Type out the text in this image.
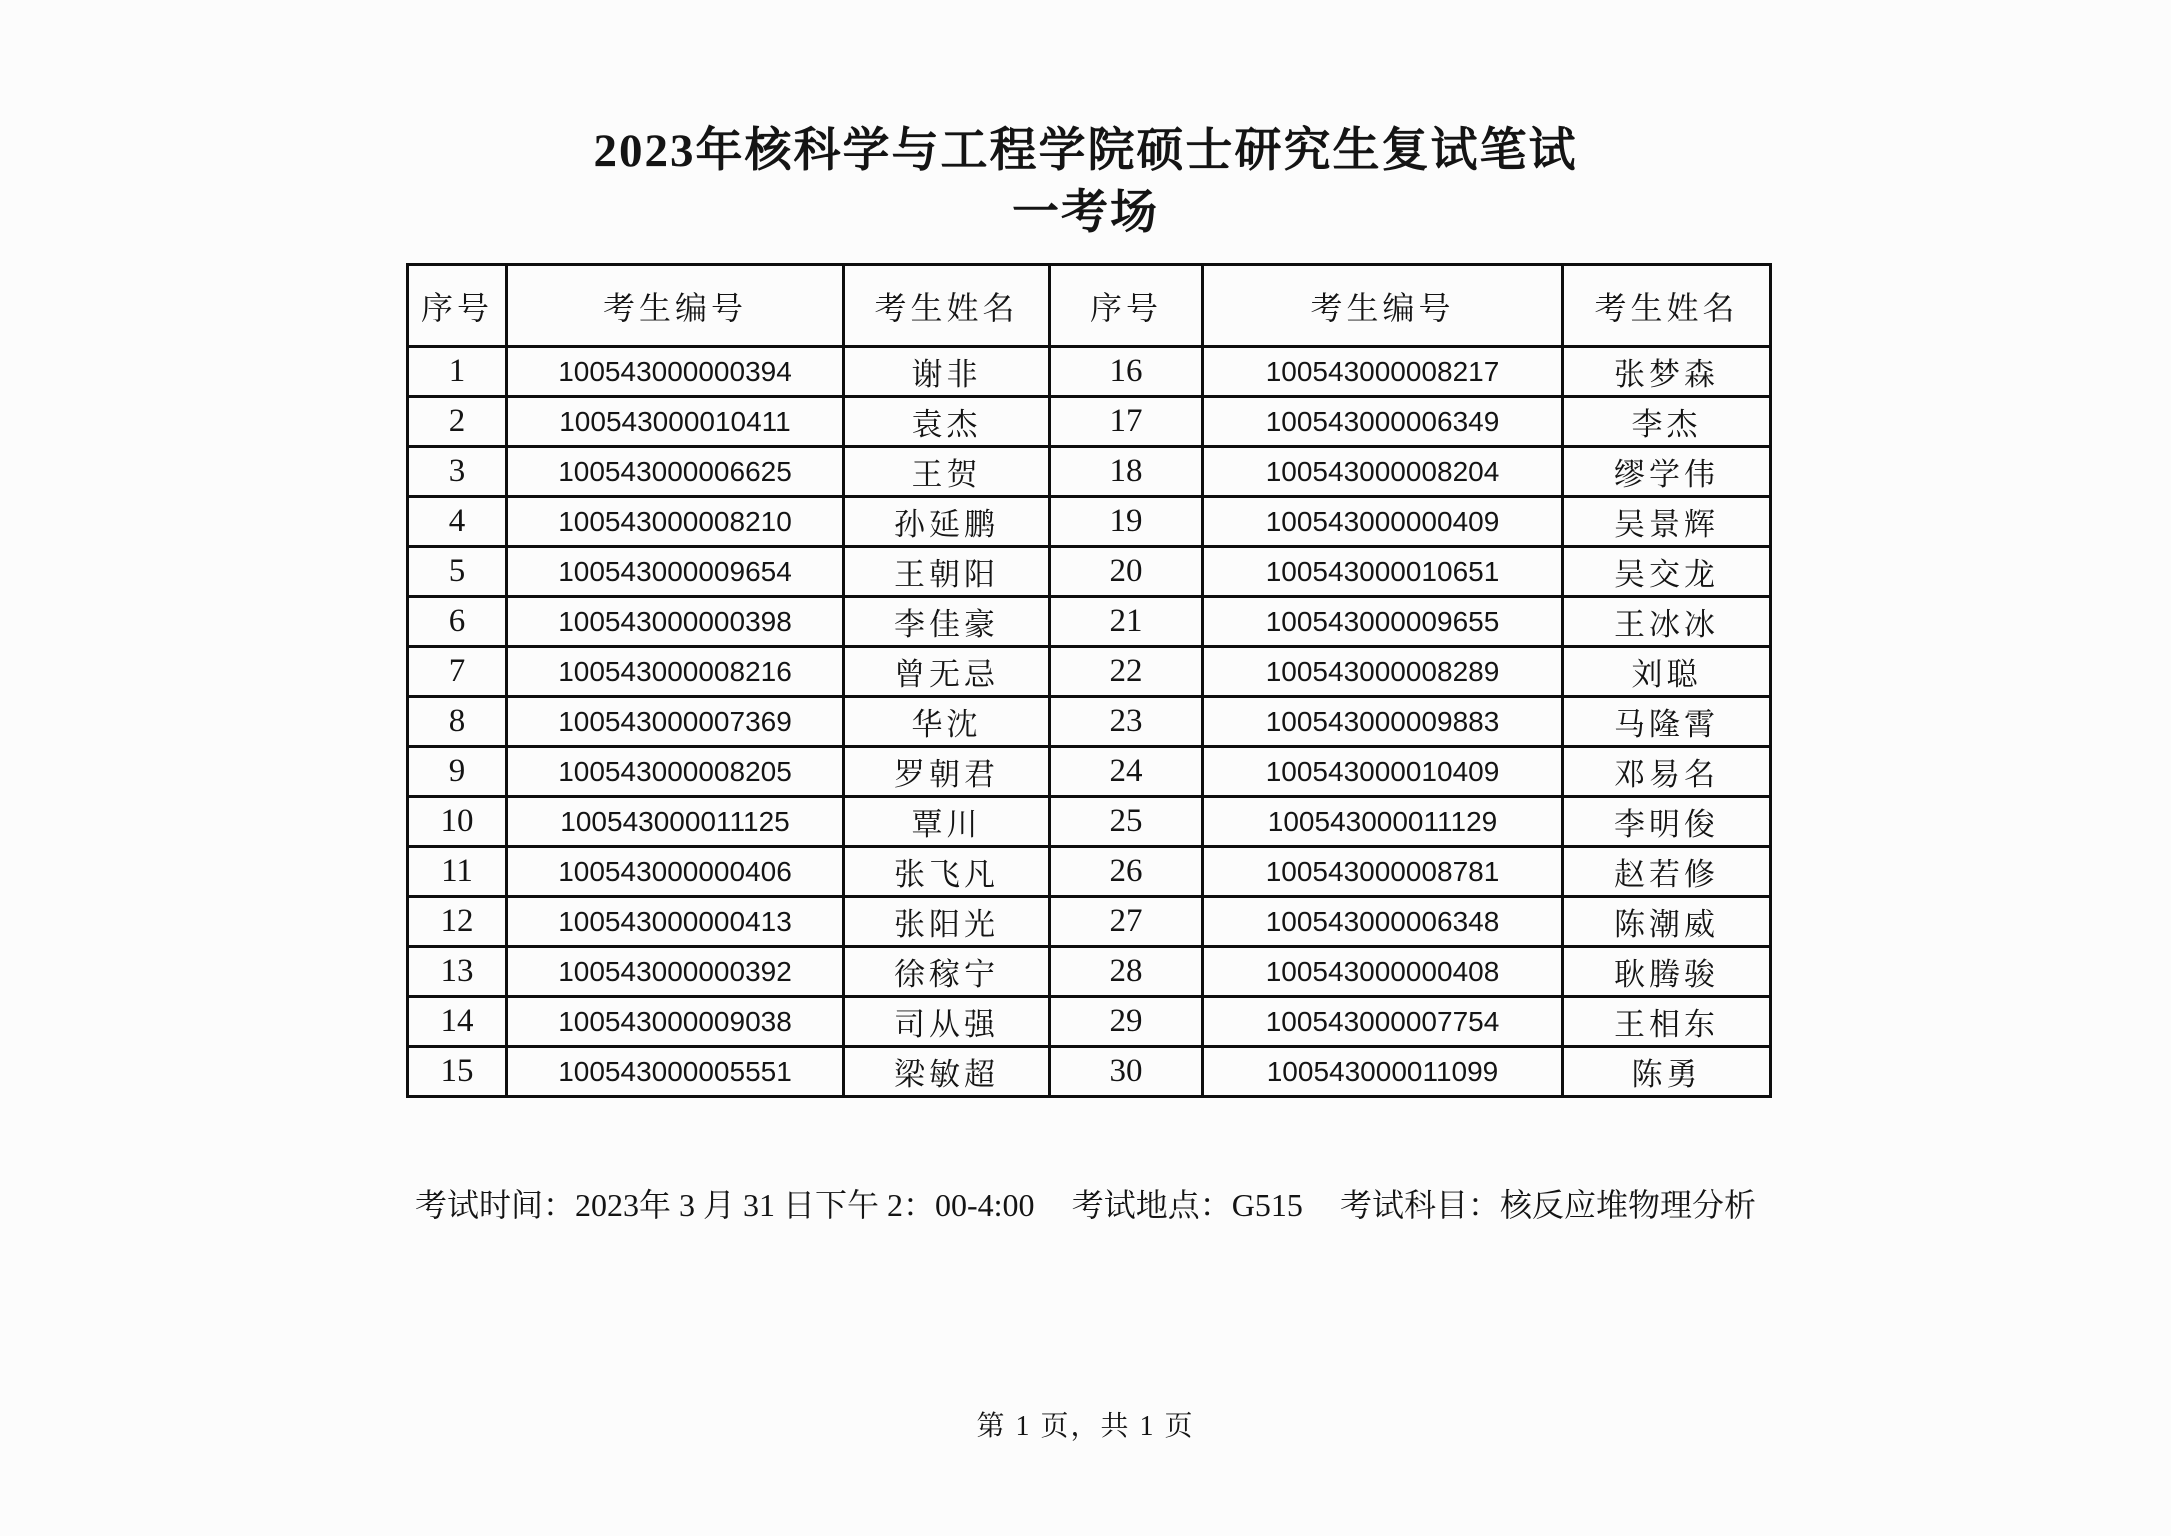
2023年核科学与工程学院硕士研究生复试笔试
一考场
序号	考生编号	考生姓名	序号	考生编号	考生姓名
1	100543000000394	谢非	16	100543000008217	张梦森
2	100543000010411	袁杰	17	100543000006349	李杰
3	100543000006625	王贺	18	100543000008204	缪学伟
4	100543000008210	孙延鹏	19	100543000000409	吴景辉
5	100543000009654	王朝阳	20	100543000010651	吴交龙
6	100543000000398	李佳豪	21	100543000009655	王冰冰
7	100543000008216	曾无忌	22	100543000008289	刘聪
8	100543000007369	华沈	23	100543000009883	马隆霄
9	100543000008205	罗朝君	24	100543000010409	邓易名
10	100543000011125	覃川	25	100543000011129	李明俊
11	100543000000406	张飞凡	26	100543000008781	赵若修
12	100543000000413	张阳光	27	100543000006348	陈潮威
13	100543000000392	徐稼宁	28	100543000000408	耿腾骏
14	100543000009038	司从强	29	100543000007754	王相东
15	100543000005551	梁敏超	30	100543000011099	陈勇
考试时间：2023年 3 月 31 日下午 2：00-4:00 考试地点：G515 考试科目：核反应堆物理分析
第 1 页，共 1 页
